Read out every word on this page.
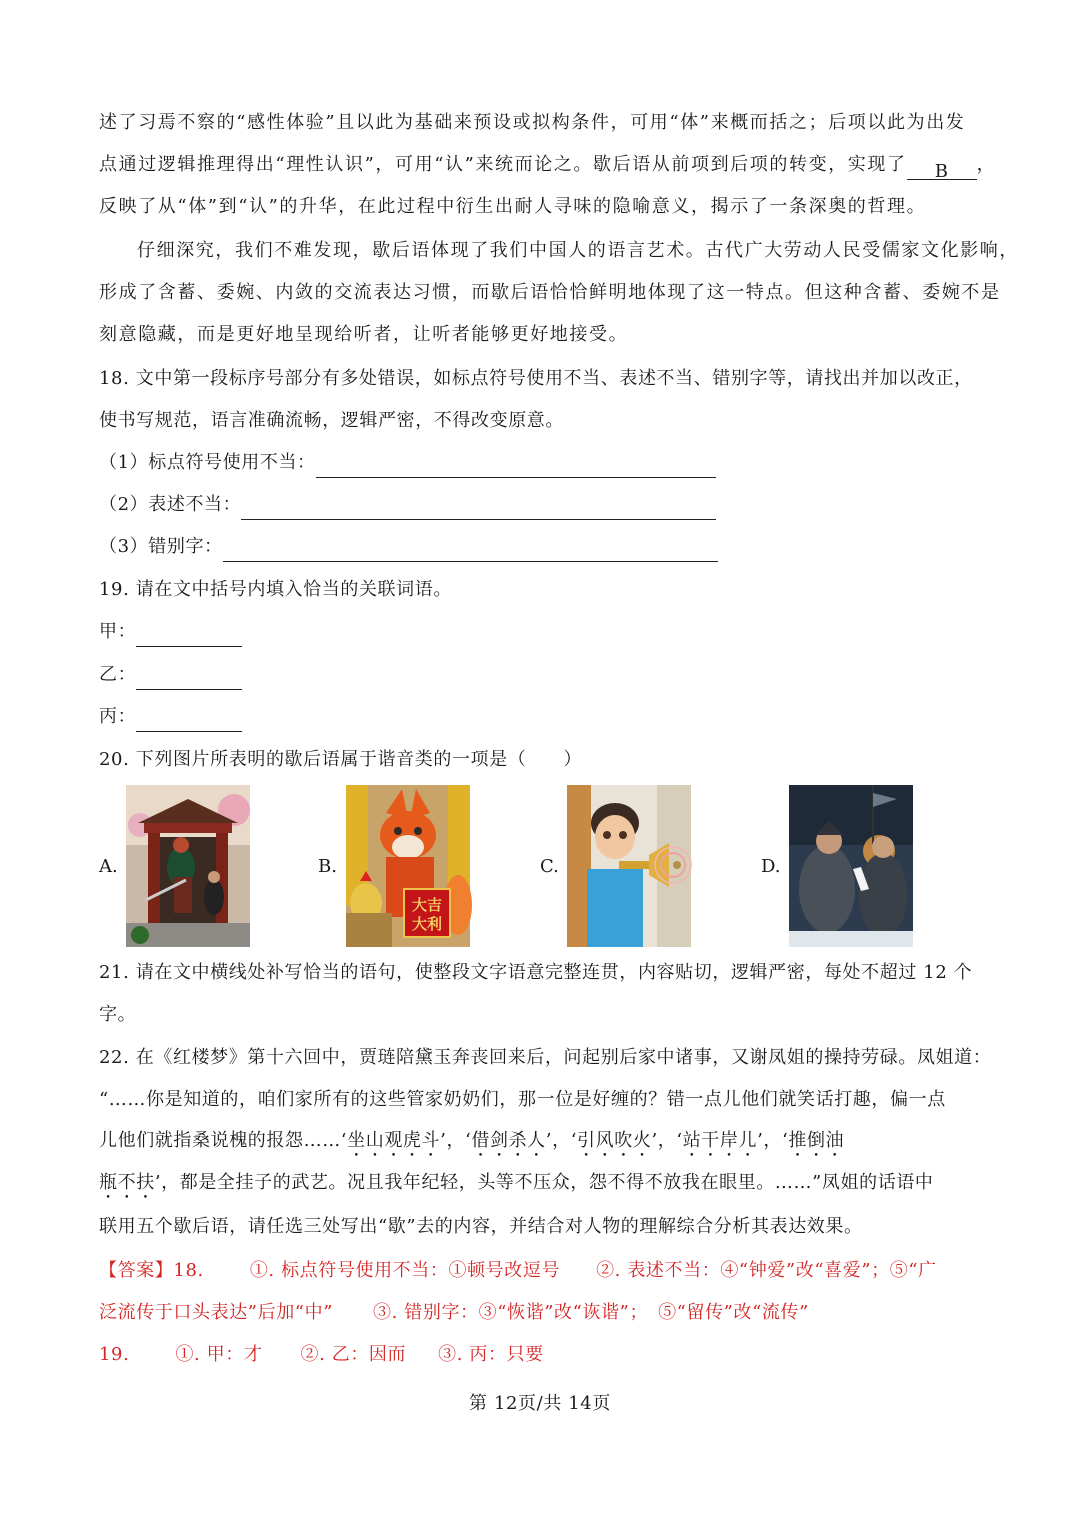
述了习焉不察的“感性体验”且以此为基础来预设或拟构条件，可用“体”来概而括之；后项以此为出发
点通过逻辑推理得出“理性认识”，可用“认”来统而论之。歇后语从前项到后项的转变，实现了 B ，
反映了从“体”到“认”的升华，在此过程中衍生出耐人寻味的隐喻意义，揭示了一条深奥的哲理。
仔细深究，我们不难发现，歇后语体现了我们中国人的语言艺术。古代广大劳动人民受儒家文化影响，
形成了含蓄、委婉、内敛的交流表达习惯，而歇后语恰恰鲜明地体现了这一特点。但这种含蓄、委婉不是
刻意隐藏，而是更好地呈现给听者，让听者能够更好地接受。
18. 文中第一段标序号部分有多处错误，如标点符号使用不当、表述不当、错别字等，请找出并加以改正，
使书写规范，语言准确流畅，逻辑严密，不得改变原意。
（1）标点符号使用不当：
（2）表述不当：
（3）错别字：
19. 请在文中括号内填入恰当的关联词语。
甲：
乙：
丙：
20. 下列图片所表明的歇后语属于谐音类的一项是（　　）
A.	B.
大吉
大利
C.	D.
21. 请在文中横线处补写恰当的语句，使整段文字语意完整连贯，内容贴切，逻辑严密，每处不超过 12 个
字。
22. 在《红楼梦》第十六回中，贾琏陪黛玉奔丧回来后，问起别后家中诸事，又谢凤姐的操持劳碌。凤姐道：
“……你是知道的，咱们家所有的这些管家奶奶们，那一位是好缠的？错一点儿他们就笑话打趣，偏一点
儿他们就指桑说槐的报怨……‘坐山观虎斗’，‘借剑杀人’，‘引风吹火’，‘站干岸儿’，‘推倒油
瓶不扶’，都是全挂子的武艺。况且我年纪轻，头等不压众，怨不得不放我在眼里。……”凤姐的话语中
联用五个歇后语，请任选三处写出“歇”去的内容，并结合对人物的理解综合分析其表达效果。
【答案】18.	①. 标点符号使用不当：①顿号改逗号 ②. 表述不当：④“钟爱”改“喜爱”；⑤“广
泛流传于口头表达”后加“中” ③. 错别字：③“恢谐”改“诙谐”； ⑤“留传”改“流传”
19.	①. 甲：才 ②. 乙：因而 ③. 丙：只要
第 12页/共 14页
